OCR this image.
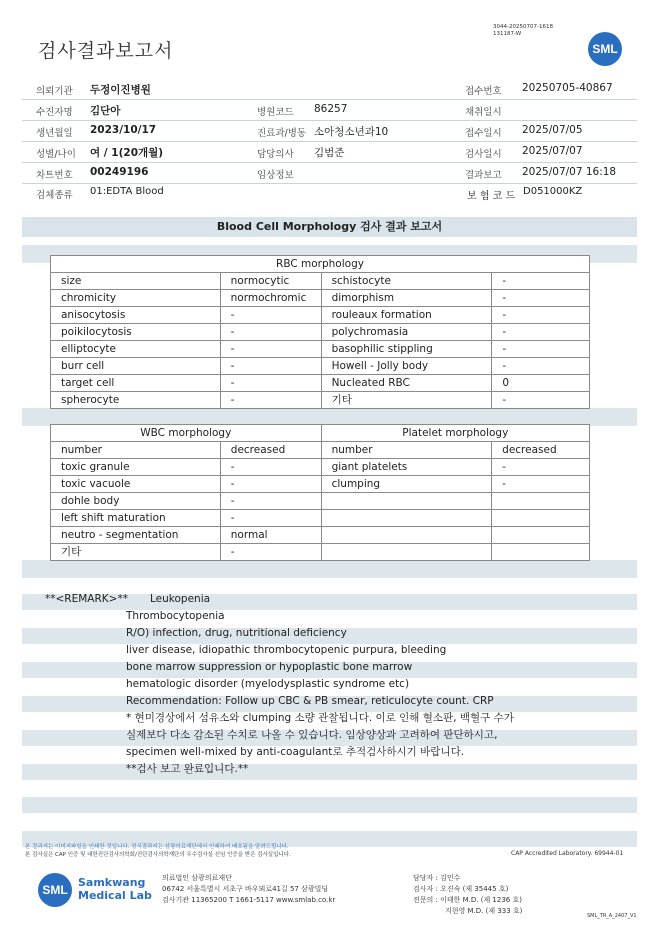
검사결과보고서
3044-20250707-1618
131187-W
SML
의뢰기관 두정이진병원	접수번호 20250705-40867
수진자명 김단아	병원코드 86257	채취일시
생년월일 2023/10/17	진료과/병동 소아청소년과10	접수일시 2025/07/05
성별/나이 여 / 1(20개월)	담당의사 김범준	검사일시 2025/07/07
차트번호 00249196	임상정보	결과보고 2025/07/07 16:18
검체종류 01:EDTA Blood	보 험 코 드 D051000KZ
Blood Cell Morphology 검사 결과 보고서
RBC morphology			
size	normocytic	schistocyte	-
chromicity	normochromic	dimorphism	-
anisocytosis	-	rouleaux formation	-
poikilocytosis	-	polychromasia	-
elliptocyte	-	basophilic stippling	-
burr cell	-	Howell - Jolly body	-
target cell	-	Nucleated RBC	0
spherocyte	-	기타	-
WBC morphology		Platelet morphology	
number	decreased	number	decreased
toxic granule	-	giant platelets	-
toxic vacuole	-	clumping	-
dohle body	-		
left shift maturation	-		
neutro - segmentation	normal		
기타	-		
**<REMARK>** Leukopenia
Thrombocytopenia
R/O) infection, drug, nutritional deficiency
liver disease, idiopathic thrombocytopenic purpura, bleeding
bone marrow suppression or hypoplastic bone marrow
hematologic disorder (myelodysplastic syndrome etc)
Recommendation: Follow up CBC & PB smear, reticulocyte count. CRP
* 현미경상에서 섬유소와 clumping 소량 관찰됩니다. 이로 인해 혈소판, 백혈구 수가
실제보다 다소 감소된 수치로 나올 수 있습니다. 임상양상과 고려하여 판단하시고,
specimen well-mixed by anti-coagulant로 추적검사하시기 바랍니다.
**검사 보고 완료입니다.**
본 결과지는 이미지파일을 인쇄한 것입니다. 정식결과지는 삼광의료재단에서 인쇄하여 배포됨을 알려드립니다.
본 검사실은 CAP 인증 및 대한진단검사의학회/진단검사의학재단의 우수검사실 신임 인증을 받은 검사실입니다.	CAP Accredited Laboratory. 69944-01
SML
Samkwang
Medical Lab
의료법인 삼광의료재단
06742 서울특별시 서초구 바우뫼로41길 57 삼광빌딩
검사기관 11365200 T 1661-5117 www.smlab.co.kr
담당자 : 김민수
검사자 : 오진숙 (제 35445 호)
전문의 : 이태한 M.D. (제 1236 호)
지현영 M.D. (제 333 호)
SML_TR_A_2407_V1
